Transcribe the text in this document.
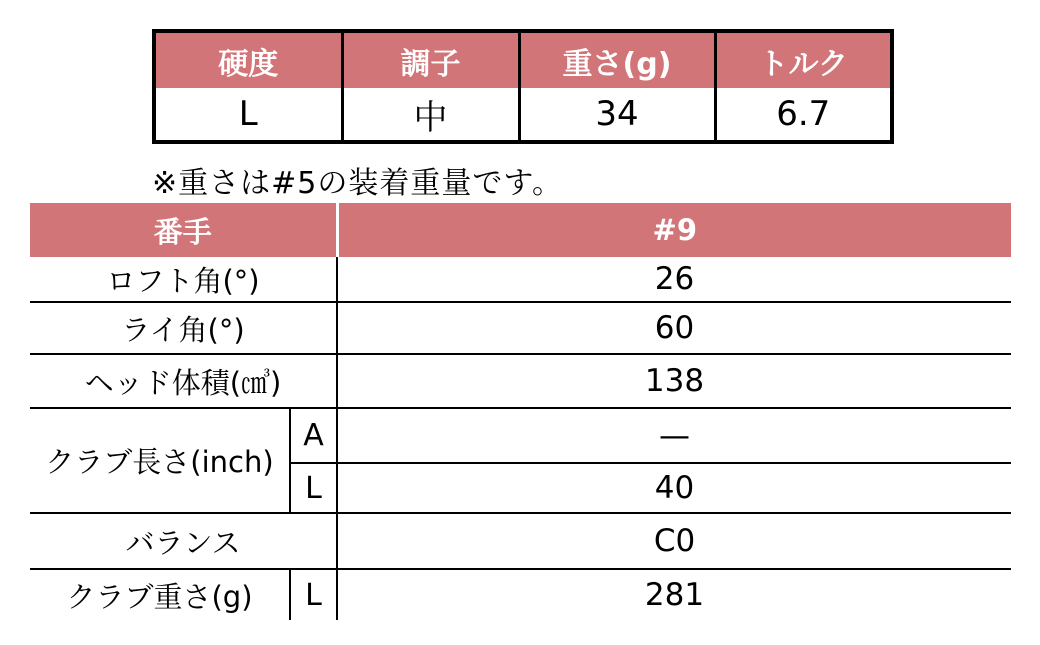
硬度	調子	重さ(g)	トルク
L	中	34	6.7
※重さは#5の装着重量です。
番手		#9
ロフト角(°)		26
ライ角(°)		60
ヘッド体積(㎤)		138
クラブ長さ(inch)	A	—
	L	40
バランス		C0
クラブ重さ(g)	L	281
